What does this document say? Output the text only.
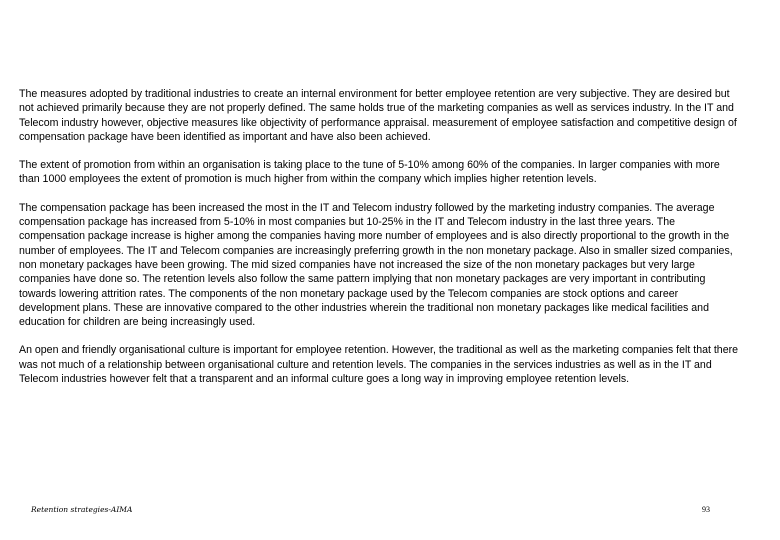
The measures adopted by traditional industries to create an internal environment for better employee retention are very subjective. They are desired but not achieved primarily because they are not properly defined. The same holds true of the marketing companies as well as services industry. In the IT and Telecom industry however, objective measures like objectivity of performance appraisal. measurement of employee satisfaction and competitive design of compensation package have been identified as important and have also been achieved.

The extent of promotion from within an organisation is taking place to the tune of 5-10% among 60% of the companies. In larger companies with more than 1000 employees the extent of promotion is much higher from within the company which implies higher retention levels.

The compensation package has been increased the most in the IT and Telecom industry followed by the marketing industry companies. The average compensation package has increased from 5-10% in most companies but 10-25% in the IT and Telecom industry in the last three years. The compensation package increase is higher among the companies having more number of employees and is also directly proportional to the growth in the number of employees. The IT and Telecom companies are increasingly preferring growth in the non monetary package. Also in smaller sized companies, non monetary packages have been growing. The mid sized companies have not increased the size of the non monetary packages but very large companies have done so. The retention levels also follow the same pattern implying that non monetary packages are very important in contributing towards lowering attrition rates. The components of the non monetary package used by the Telecom companies are stock options and career development plans. These are innovative compared to the other industries wherein the traditional non monetary packages like medical facilities and education for children are being increasingly used.

An open and friendly organisational culture is important for employee retention. However, the traditional as well as the marketing companies felt that there was not much of a relationship between organisational culture and retention levels. The companies in the services industries as well as in the IT and Telecom industries however felt that a transparent and an informal culture goes a long way in improving employee retention levels.

Retention strategies-AIMA	93
